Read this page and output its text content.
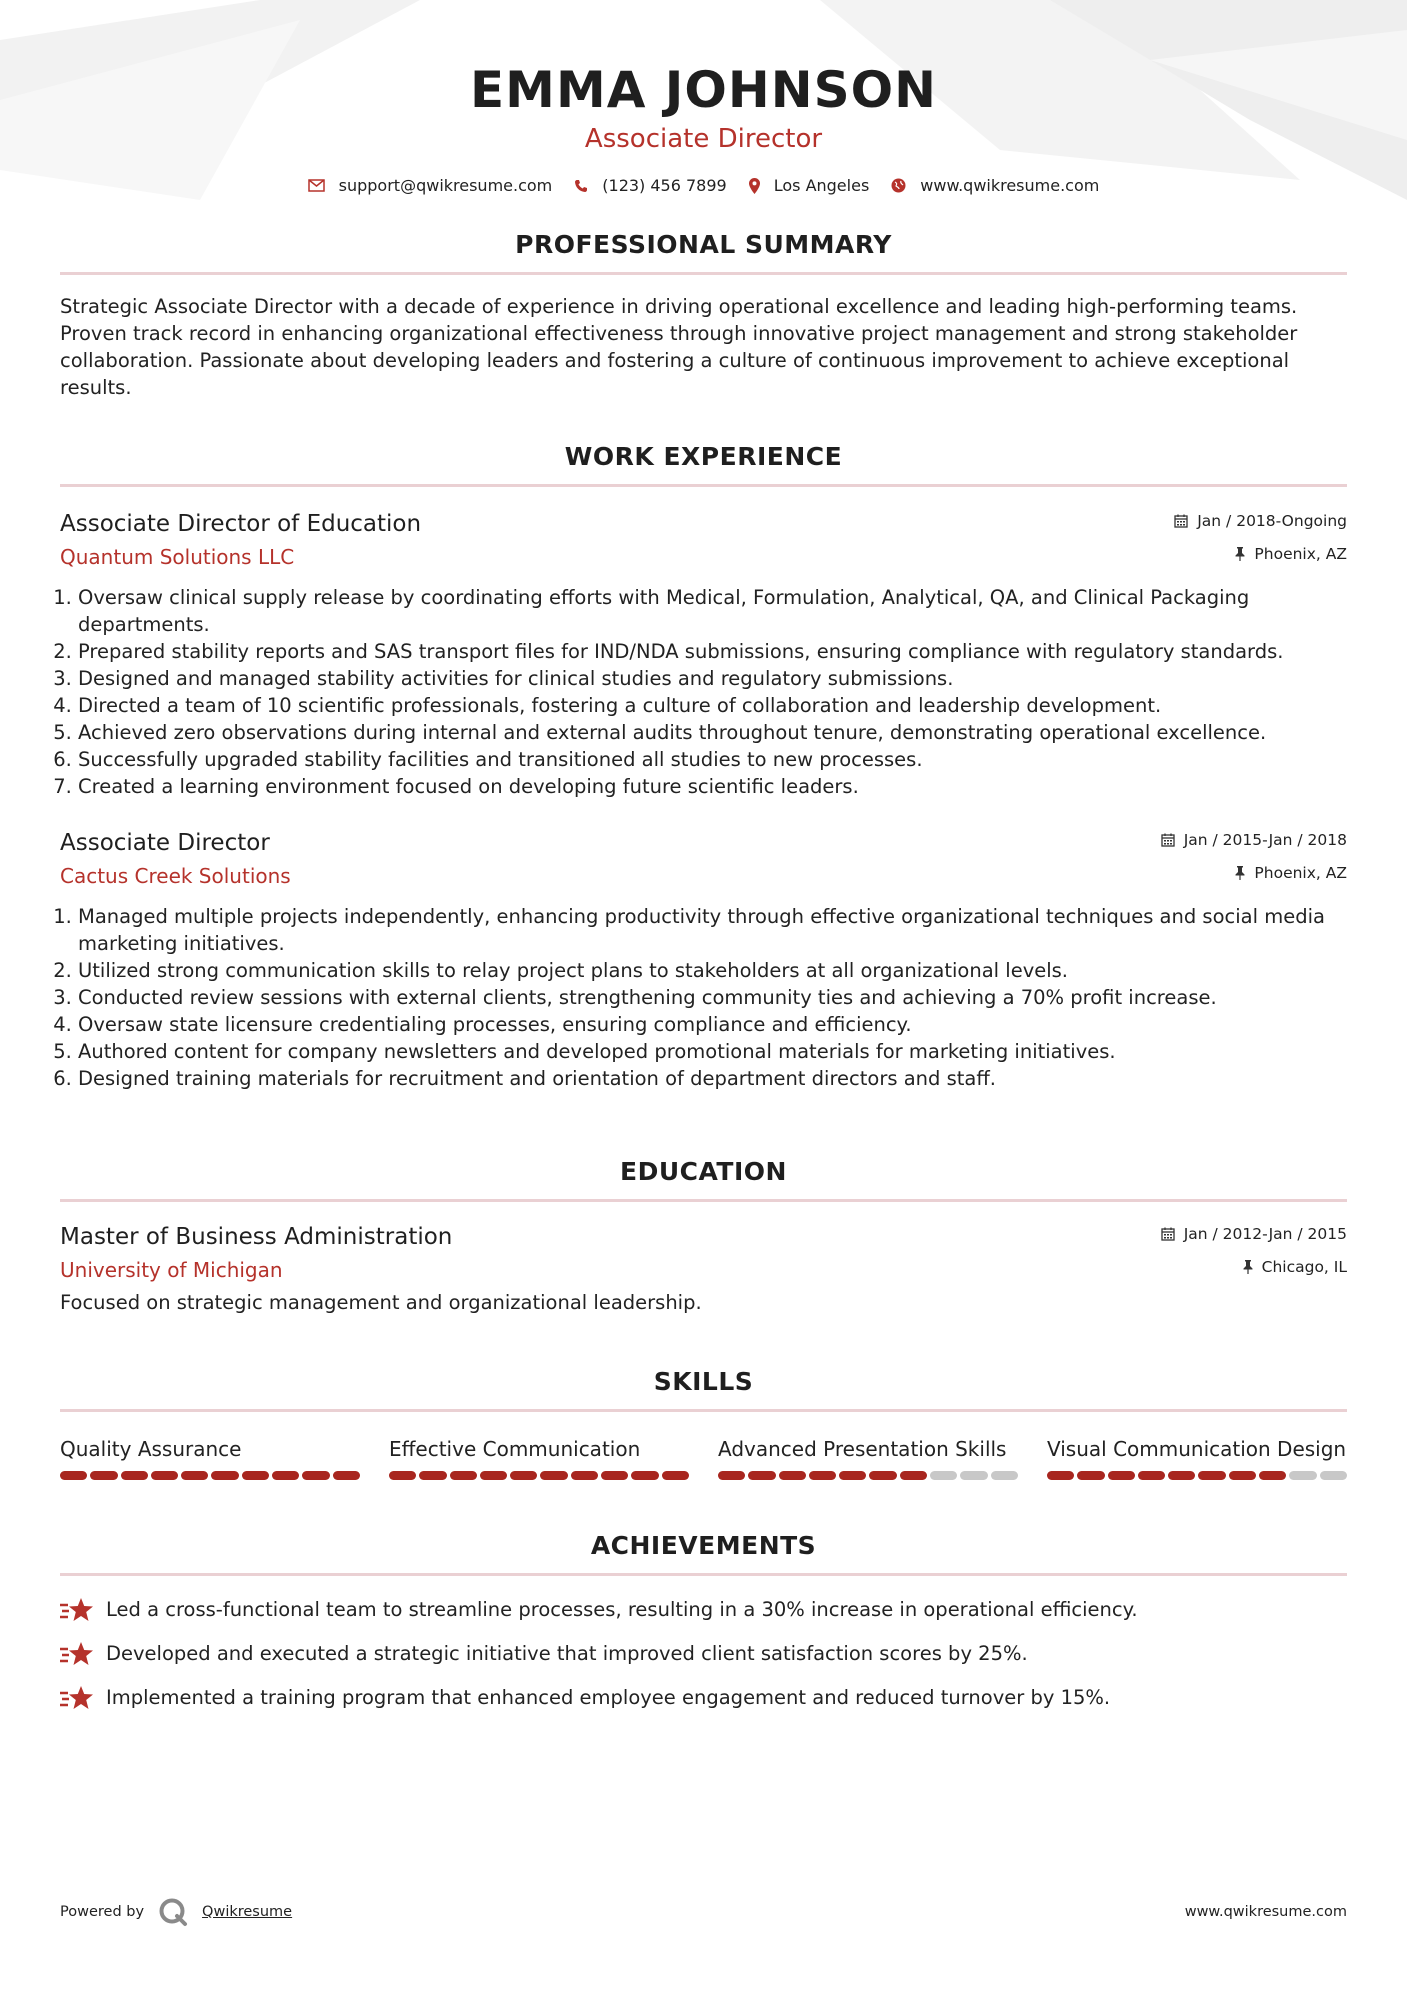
EMMA JOHNSON
Associate Director
support@qwikresume.com	(123) 456 7899	Los Angeles	www.qwikresume.com
PROFESSIONAL SUMMARY
Strategic Associate Director with a decade of experience in driving operational excellence and leading high-performing teams. Proven track record in enhancing organizational effectiveness through innovative project management and strong stakeholder collaboration. Passionate about developing leaders and fostering a culture of continuous improvement to achieve exceptional results.
WORK EXPERIENCE
Associate Director of Education
Quantum Solutions LLC
Jan / 2018-Ongoing
Phoenix, AZ
1. Oversaw clinical supply release by coordinating efforts with Medical, Formulation, Analytical, QA, and Clinical Packaging departments.
2. Prepared stability reports and SAS transport files for IND/NDA submissions, ensuring compliance with regulatory standards.
3. Designed and managed stability activities for clinical studies and regulatory submissions.
4. Directed a team of 10 scientific professionals, fostering a culture of collaboration and leadership development.
5. Achieved zero observations during internal and external audits throughout tenure, demonstrating operational excellence.
6. Successfully upgraded stability facilities and transitioned all studies to new processes.
7. Created a learning environment focused on developing future scientific leaders.
Associate Director
Cactus Creek Solutions
Jan / 2015-Jan / 2018
Phoenix, AZ
1. Managed multiple projects independently, enhancing productivity through effective organizational techniques and social media marketing initiatives.
2. Utilized strong communication skills to relay project plans to stakeholders at all organizational levels.
3. Conducted review sessions with external clients, strengthening community ties and achieving a 70% profit increase.
4. Oversaw state licensure credentialing processes, ensuring compliance and efficiency.
5. Authored content for company newsletters and developed promotional materials for marketing initiatives.
6. Designed training materials for recruitment and orientation of department directors and staff.
EDUCATION
Master of Business Administration
University of Michigan
Jan / 2012-Jan / 2015
Chicago, IL
Focused on strategic management and organizational leadership.
SKILLS
Quality Assurance	Effective Communication	Advanced Presentation Skills	Visual Communication Design
ACHIEVEMENTS
Led a cross-functional team to streamline processes, resulting in a 30% increase in operational efficiency.
Developed and executed a strategic initiative that improved client satisfaction scores by 25%.
Implemented a training program that enhanced employee engagement and reduced turnover by 15%.
Powered by	Qwikresume	www.qwikresume.com
